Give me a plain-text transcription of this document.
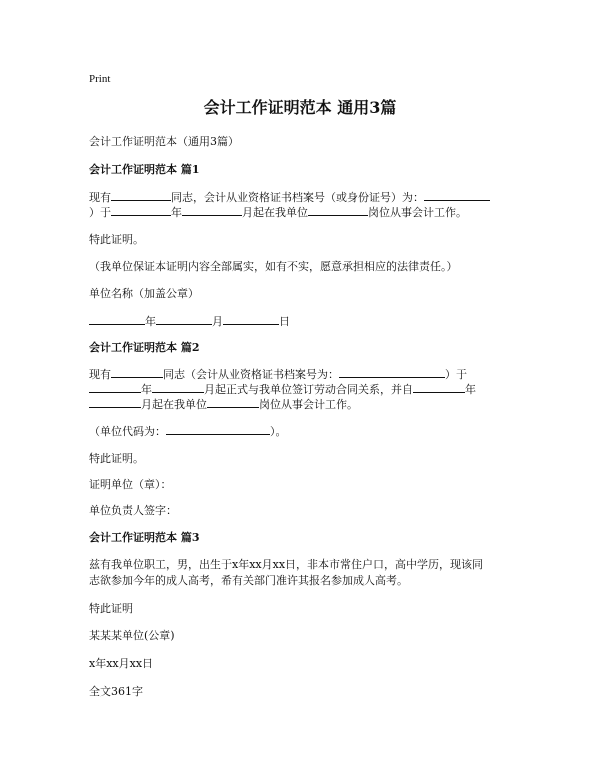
Print
会计工作证明范本 通用3篇
会计工作证明范本（通用3篇）
会计工作证明范本 篇1
现有	同志，会计从业资格证书档案号（或身份证号）为：
）于	年	月起在我单位	岗位从事会计工作。
特此证明。
（我单位保证本证明内容全部属实，如有不实，愿意承担相应的法律责任。）
单位名称（加盖公章）
年	月	日
会计工作证明范本 篇2
现有	同志（会计从业资格证书档案号为：	）于
年	月起正式与我单位签订劳动合同关系，并自	年
月起在我单位	岗位从事会计工作。
（单位代码为：	）。
特此证明。
证明单位（章）：
单位负责人签字：
会计工作证明范本 篇3
兹有我单位职工，男，出生于x年xx月xx日，非本市常住户口，高中学历，现该同
志欲参加今年的成人高考，希有关部门准许其报名参加成人高考。
特此证明
某某某单位(公章)
x年xx月xx日
全文361字
